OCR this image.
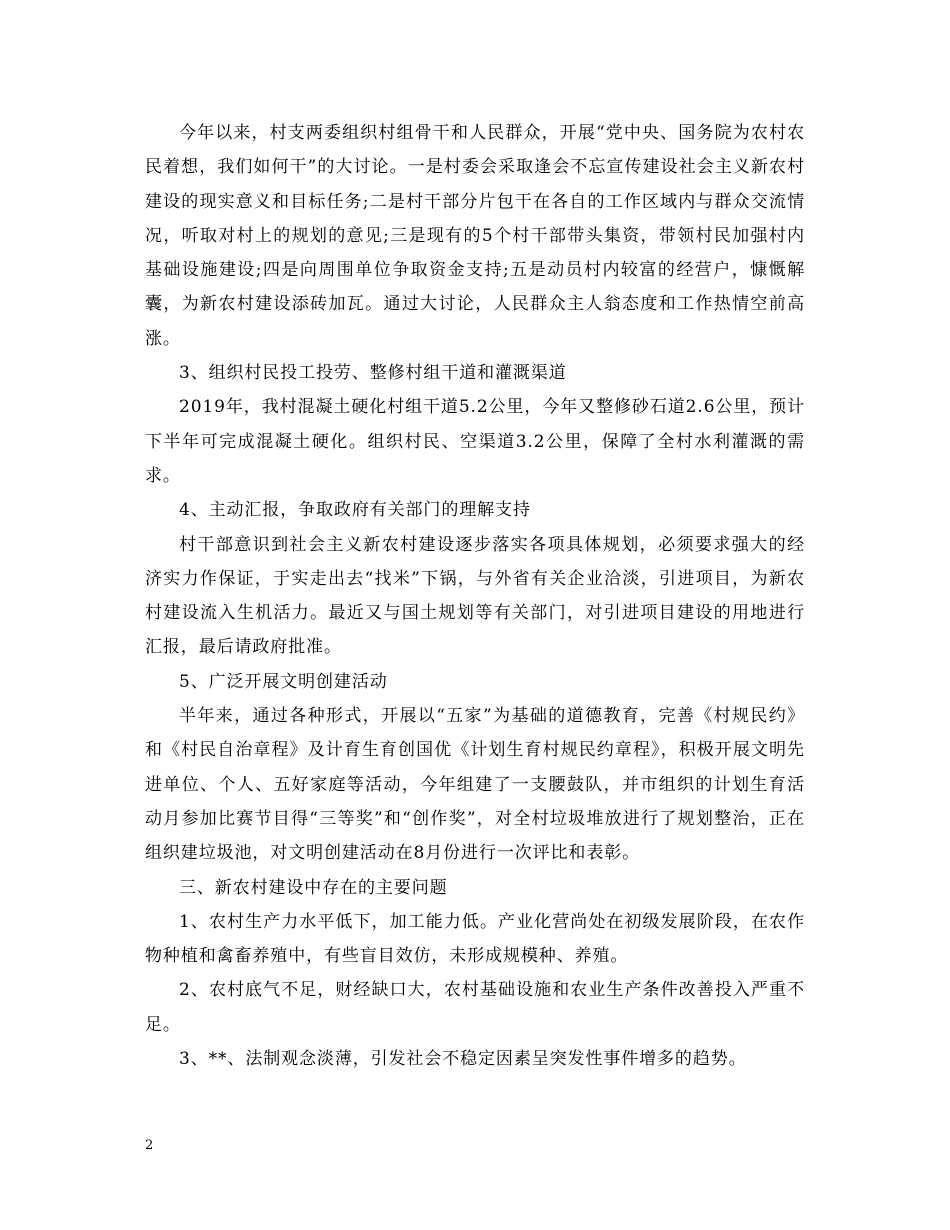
今年以来，村支两委组织村组骨干和人民群众，开展“党中央、国务院为农村农民着想，我们如何干”的大讨论。一是村委会采取逢会不忘宣传建设社会主义新农村建设的现实意义和目标任务;二是村干部分片包干在各自的工作区域内与群众交流情况，听取对村上的规划的意见;三是现有的5个村干部带头集资，带领村民加强村内基础设施建设;四是向周围单位争取资金支持;五是动员村内较富的经营户，慷慨解囊，为新农村建设添砖加瓦。通过大讨论，人民群众主人翁态度和工作热情空前高涨。

3、组织村民投工投劳、整修村组干道和灌溉渠道

2019年，我村混凝土硬化村组干道5.2公里，今年又整修砂石道2.6公里，预计下半年可完成混凝土硬化。组织村民、空渠道3.2公里，保障了全村水利灌溉的需求。

4、主动汇报，争取政府有关部门的理解支持

村干部意识到社会主义新农村建设逐步落实各项具体规划，必须要求强大的经济实力作保证，于实走出去“找米”下锅，与外省有关企业洽淡，引进项目，为新农村建设流入生机活力。最近又与国土规划等有关部门，对引进项目建设的用地进行汇报，最后请政府批准。

5、广泛开展文明创建活动

半年来，通过各种形式，开展以“五家”为基础的道德教育，完善《村规民约》和《村民自治章程》及计育生育创国优《计划生育村规民约章程》，积极开展文明先进单位、个人、五好家庭等活动，今年组建了一支腰鼓队，并市组织的计划生育活动月参加比赛节目得“三等奖”和“创作奖”，对全村垃圾堆放进行了规划整治，正在组织建垃圾池，对文明创建活动在8月份进行一次评比和表彰。

三、新农村建设中存在的主要问题

1、农村生产力水平低下，加工能力低。产业化营尚处在初级发展阶段，在农作物种植和禽畜养殖中，有些盲目效仿，未形成规模种、养殖。

2、农村底气不足，财经缺口大，农村基础设施和农业生产条件改善投入严重不足。

3、**、法制观念淡薄，引发社会不稳定因素呈突发性事件增多的趋势。

2
